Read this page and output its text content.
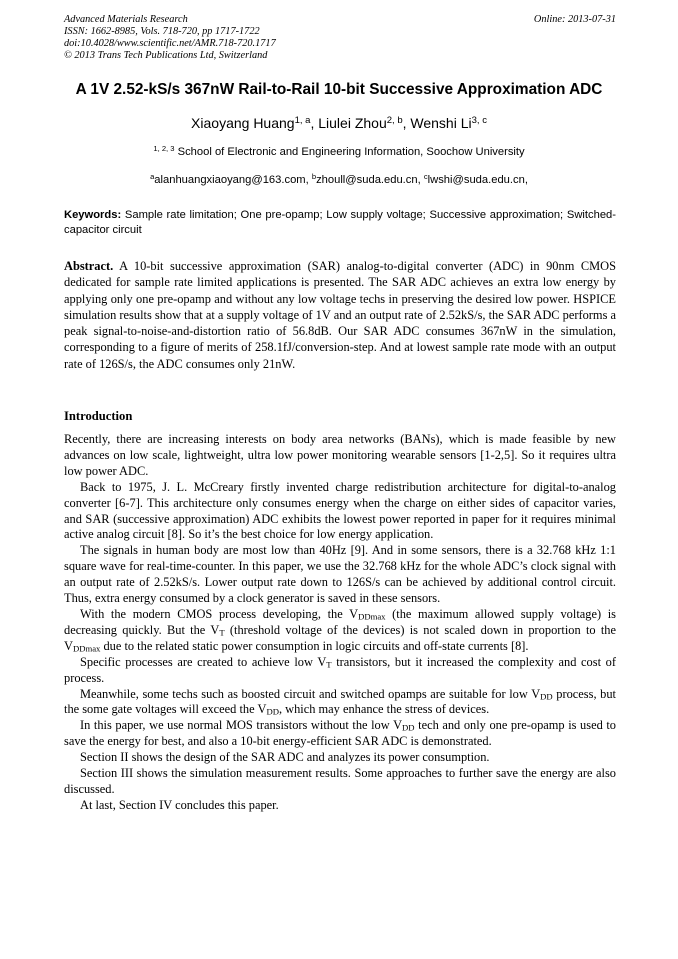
Advanced Materials Research
ISSN: 1662-8985, Vols. 718-720, pp 1717-1722
doi:10.4028/www.scientific.net/AMR.718-720.1717
© 2013 Trans Tech Publications Ltd, Switzerland
Online: 2013-07-31
A 1V 2.52-kS/s 367nW Rail-to-Rail 10-bit Successive Approximation ADC
Xiaoyang Huang$^{1, a}$, Liulei Zhou$^{2, b}$, Wenshi Li$^{3, c}$
$^{1, 2, 3}$ School of Electronic and Engineering Information, Soochow University
$^a$alanhuangxiaoyang@163.com, $^b$zhoull@suda.edu.cn, $^c$lwshi@suda.edu.cn,
Keywords: Sample rate limitation; One pre-opamp; Low supply voltage; Successive approximation; Switched-capacitor circuit
Abstract. A 10-bit successive approximation (SAR) analog-to-digital converter (ADC) in 90nm CMOS dedicated for sample rate limited applications is presented. The SAR ADC achieves an extra low energy by applying only one pre-opamp and without any low voltage techs in preserving the desired low power. HSPICE simulation results show that at a supply voltage of 1V and an output rate of 2.52kS/s, the SAR ADC performs a peak signal-to-noise-and-distortion ratio of 56.8dB. Our SAR ADC consumes 367nW in the simulation, corresponding to a figure of merits of 258.1fJ/conversion-step. And at lowest sample rate mode with an output rate of 126S/s, the ADC consumes only 21nW.
Introduction

Recently, there are increasing interests on body area networks (BANs), which is made feasible by new advances on low scale, lightweight, ultra low power monitoring wearable sensors [1-2,5]. So it requires ultra low power ADC.

Back to 1975, J. L. McCreary firstly invented charge redistribution architecture for digital-to-analog converter [6-7]. This architecture only consumes energy when the charge on either sides of capacitor varies, and SAR (successive approximation) ADC exhibits the lowest power reported in paper for it requires minimal active analog circuit [8]. So it’s the best choice for low energy application.

The signals in human body are most low than 40Hz [9]. And in some sensors, there is a 32.768 kHz 1:1 square wave for real-time-counter. In this paper, we use the 32.768 kHz for the whole ADC’s clock signal with an output rate of 2.52kS/s. Lower output rate down to 126S/s can be achieved by additional control circuit. Thus, extra energy consumed by a clock generator is saved in these sensors.

With the modern CMOS process developing, the $V_{DDmax}$ (the maximum allowed supply voltage) is decreasing quickly. But the $V_T$ (threshold voltage of the devices) is not scaled down in proportion to the $V_{DDmax}$ due to the related static power consumption in logic circuits and off-state currents [8].

Specific processes are created to achieve low $V_T$ transistors, but it increased the complexity and cost of process.

Meanwhile, some techs such as boosted circuit and switched opamps are suitable for low $V_{DD}$ process, but the some gate voltages will exceed the $V_{DD}$, which may enhance the stress of devices.

In this paper, we use normal MOS transistors without the low $V_{DD}$ tech and only one pre-opamp is used to save the energy for best, and also a 10-bit energy-efficient SAR ADC is demonstrated.

Section II shows the design of the SAR ADC and analyzes its power consumption.

Section III shows the simulation measurement results. Some approaches to further save the energy are also discussed.

At last, Section IV concludes this paper.
